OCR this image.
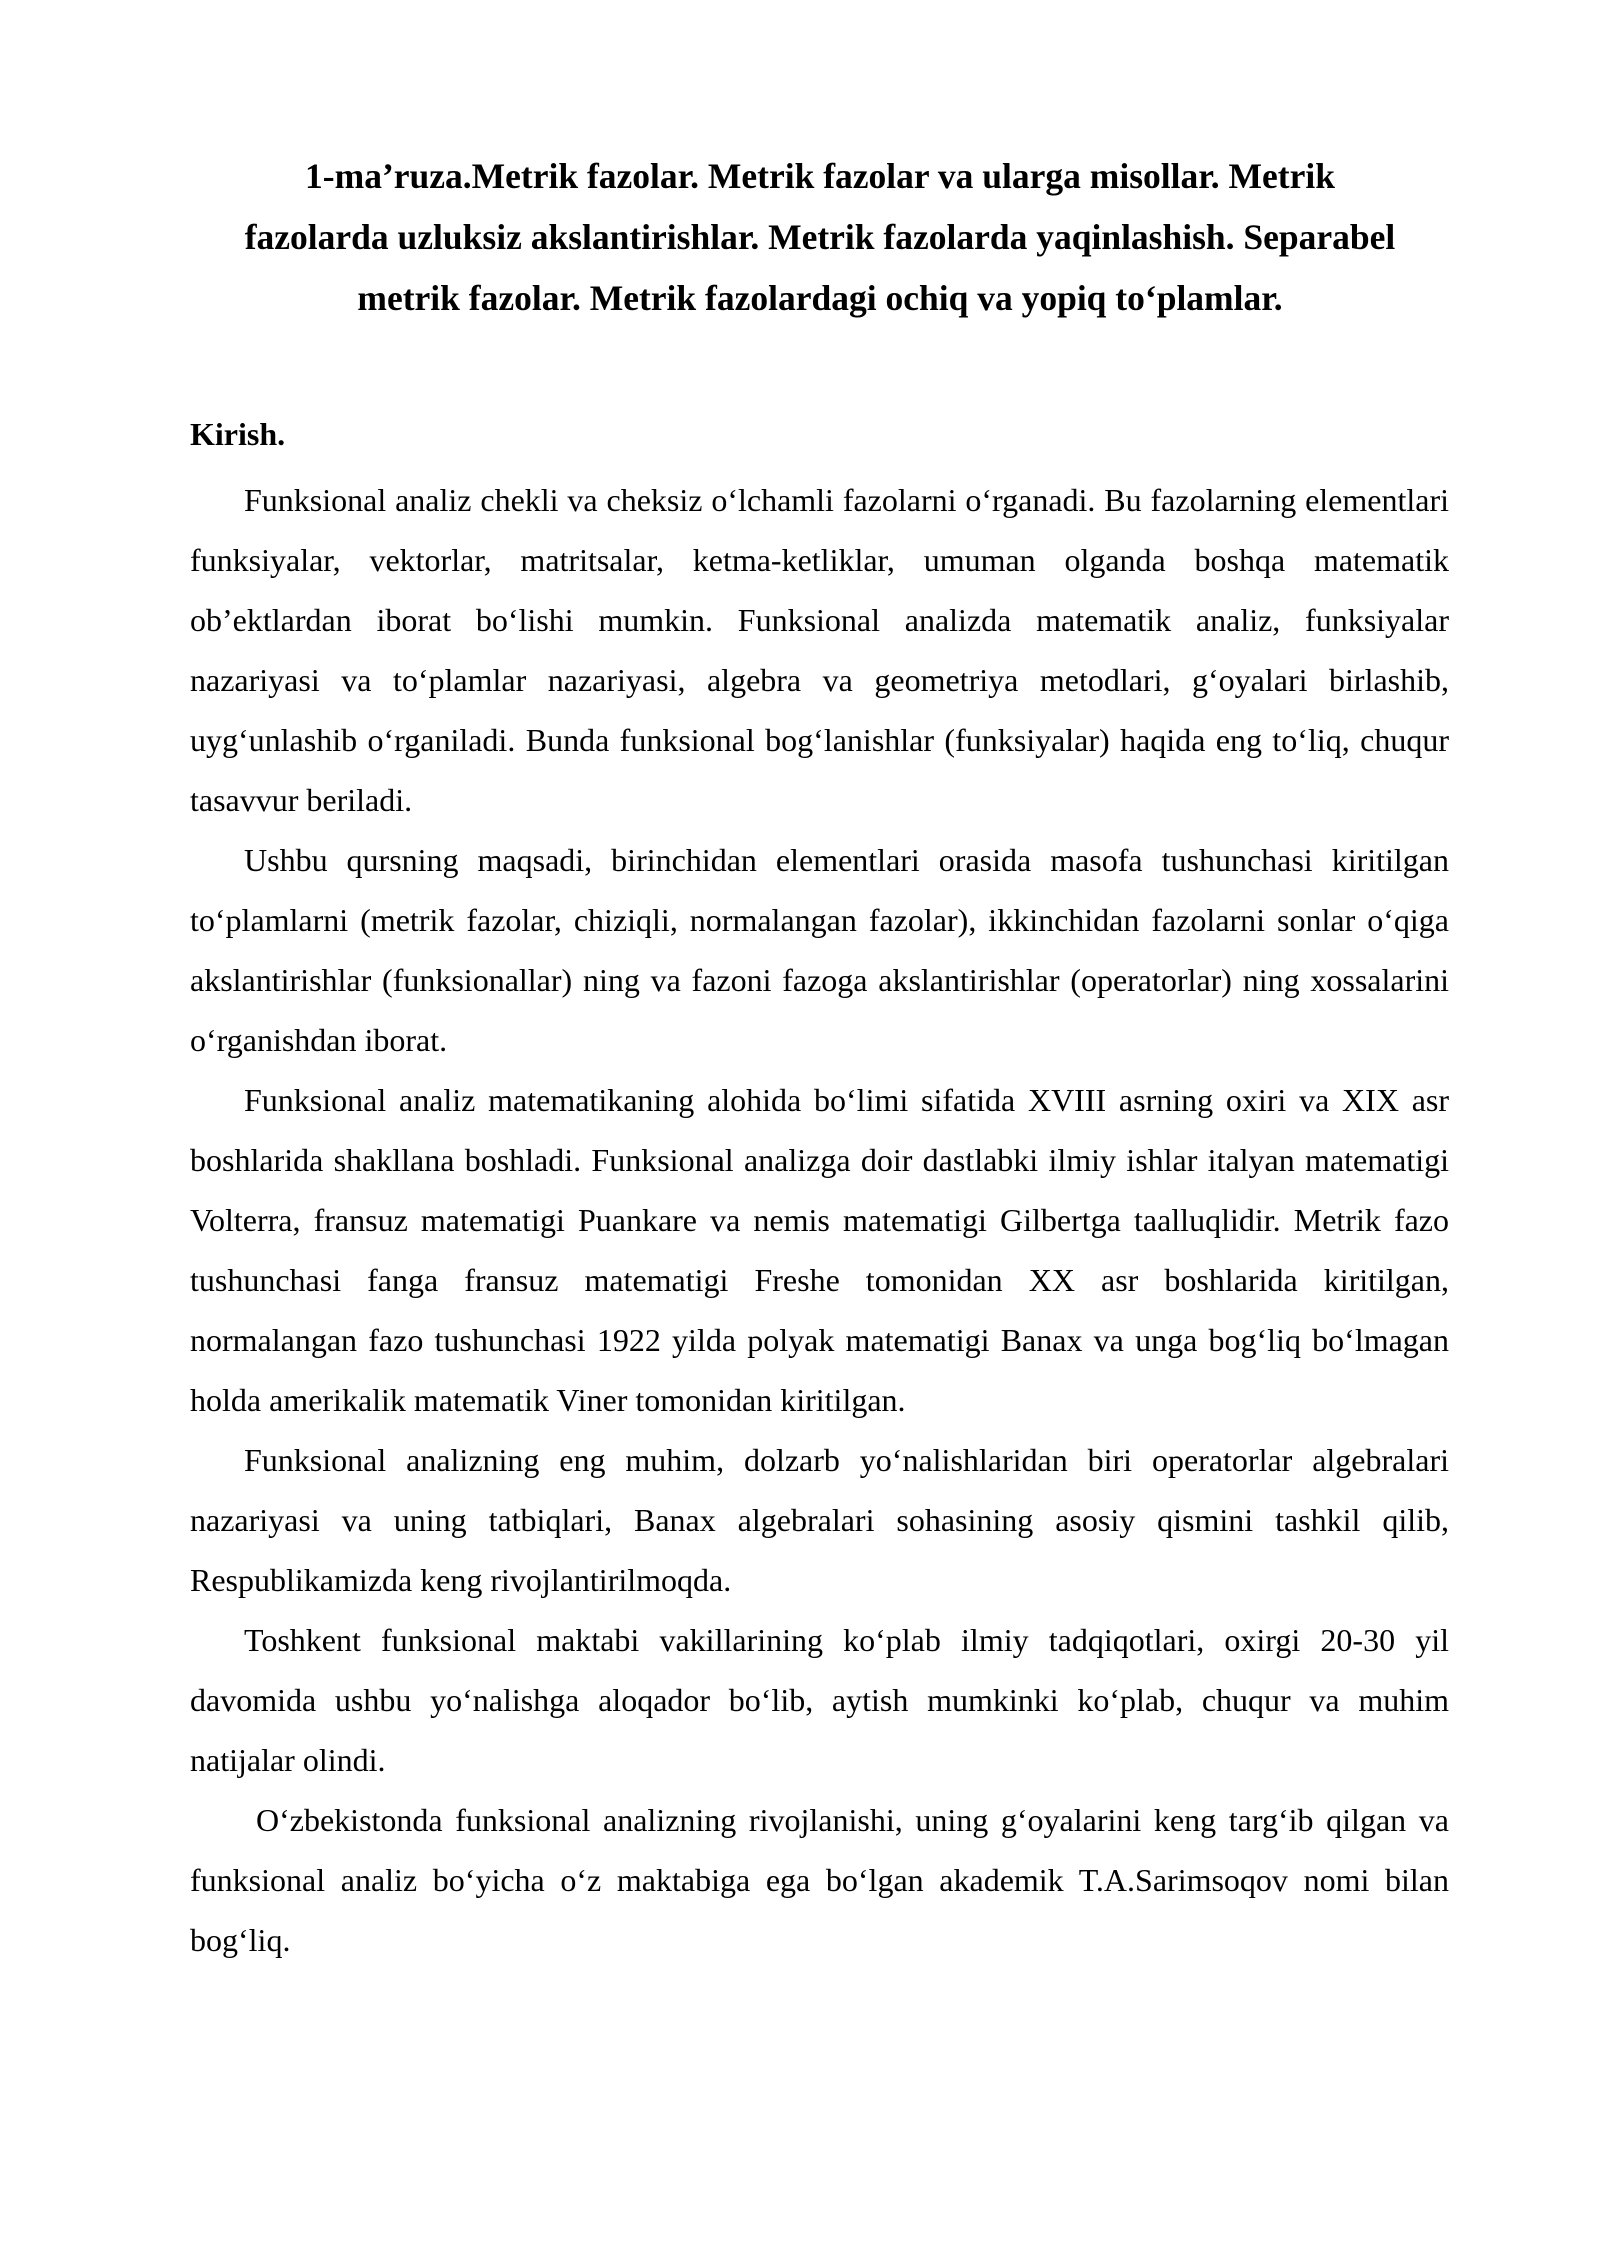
1-ma’ruza.Metrik fazolar. Metrik fazolar va ularga misollar. Metrik
fazolarda uzluksiz akslantirishlar. Metrik fazolarda yaqinlashish. Separabel
metrik fazolar. Metrik fazolardagi ochiq va yopiq to‘plamlar.
Kirish.

Funksional analiz chekli va cheksiz o‘lchamli fazolarni o‘rganadi. Bu fazolarning elementlari funksiyalar, vektorlar, matritsalar, ketma-ketliklar, umuman olganda boshqa matematik ob’ektlardan iborat bo‘lishi mumkin. Funksional analizda matematik analiz, funksiyalar nazariyasi va to‘plamlar nazariyasi, algebra va geometriya metodlari, g‘oyalari birlashib, uyg‘unlashib o‘rganiladi. Bunda funksional bog‘lanishlar (funksiyalar) haqida eng to‘liq, chuqur tasavvur beriladi.

Ushbu qursning maqsadi, birinchidan elementlari orasida masofa tushunchasi kiritilgan to‘plamlarni (metrik fazolar, chiziqli, normalangan fazolar), ikkinchidan fazolarni sonlar o‘qiga akslantirishlar (funksionallar) ning va fazoni fazoga akslantirishlar (operatorlar) ning xossalarini o‘rganishdan iborat.

Funksional analiz matematikaning alohida bo‘limi sifatida XVIII asrning oxiri va XIX asr boshlarida shakllana boshladi. Funksional analizga doir dastlabki ilmiy ishlar italyan matematigi Volterra, fransuz matematigi Puankare va nemis matematigi Gilbertga taalluqlidir. Metrik fazo tushunchasi fanga fransuz matematigi Freshe tomonidan XX asr boshlarida kiritilgan, normalangan fazo tushunchasi 1922 yilda polyak matematigi Banax va unga bog‘liq bo‘lmagan holda amerikalik matematik Viner tomonidan kiritilgan.

Funksional analizning eng muhim, dolzarb yo‘nalishlaridan biri operatorlar algebralari nazariyasi va uning tatbiqlari, Banax algebralari sohasining asosiy qismini tashkil qilib, Respublikamizda keng rivojlantirilmoqda.

Toshkent funksional maktabi vakillarining ko‘plab ilmiy tadqiqotlari, oxirgi 20-30 yil davomida ushbu yo‘nalishga aloqador bo‘lib, aytish mumkinki ko‘plab, chuqur va muhim natijalar olindi.

O‘zbekistonda funksional analizning rivojlanishi, uning g‘oyalarini keng targ‘ib qilgan va funksional analiz bo‘yicha o‘z maktabiga ega bo‘lgan akademik T.A.Sarimsoqov nomi bilan bog‘liq.
